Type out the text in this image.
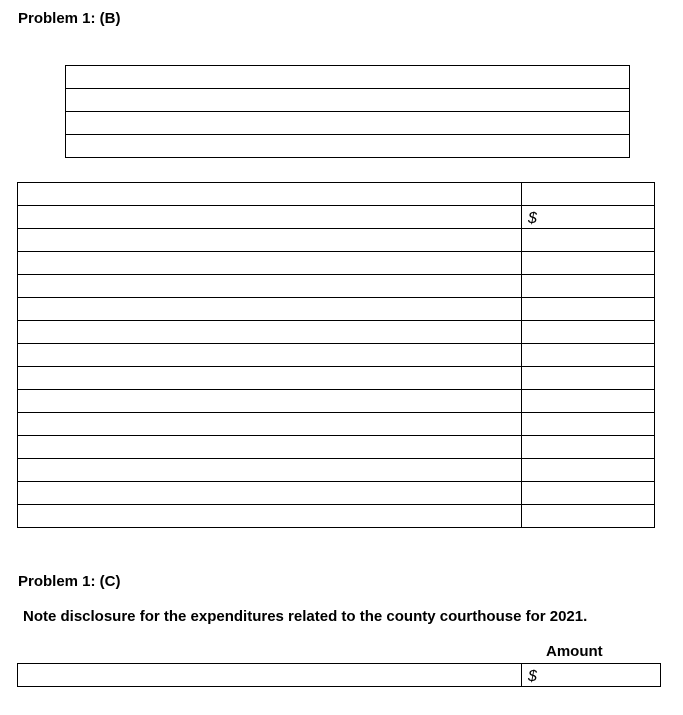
Problem 1: (B)

	$

Problem 1: (C)
Note disclosure for the expenditures related to the county courthouse for 2021.
Amount
	$
